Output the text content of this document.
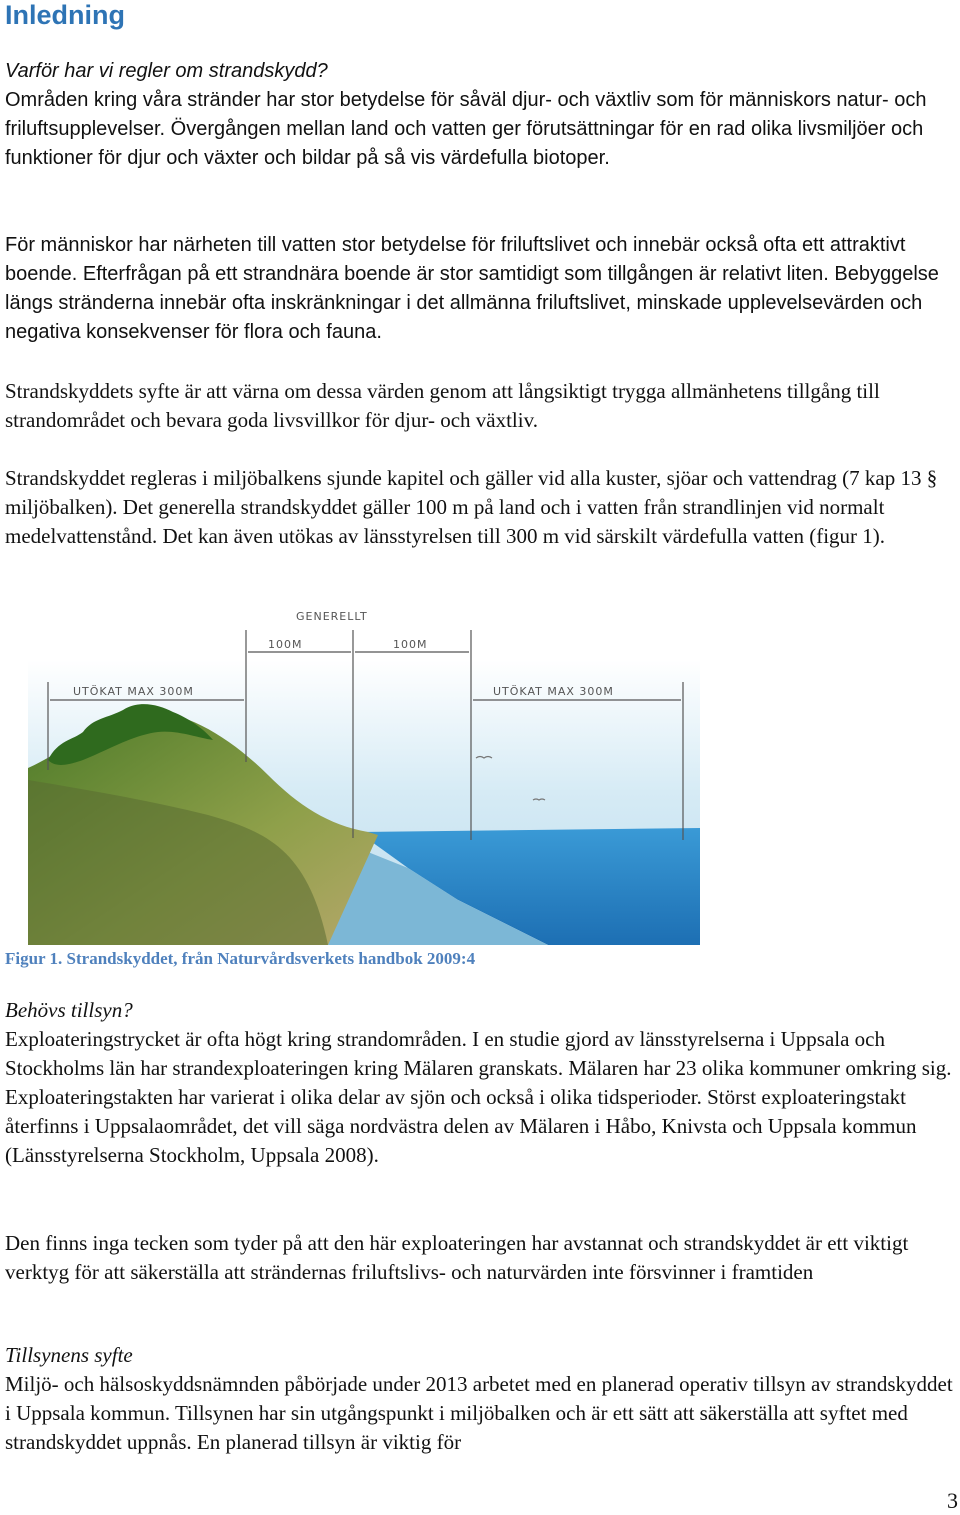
Inledning

Varför har vi regler om strandskydd?
Områden kring våra stränder har stor betydelse för såväl djur- och växtliv som för människors natur- och friluftsupplevelser. Övergången mellan land och vatten ger förutsättningar för en rad olika livsmiljöer och funktioner för djur och växter och bildar på så vis värdefulla biotoper.

För människor har närheten till vatten stor betydelse för friluftslivet och innebär också ofta ett attraktivt boende. Efterfrågan på ett strandnära boende är stor samtidigt som tillgången är relativt liten. Bebyggelse längs stränderna innebär ofta inskränkningar i det allmänna friluftslivet, minskade upplevelsevärden och negativa konsekvenser för flora och fauna.

Strandskyddets syfte är att värna om dessa värden genom att långsiktigt trygga allmänhetens tillgång till strandområdet och bevara goda livsvillkor för djur- och växtliv.

Strandskyddet regleras i miljöbalkens sjunde kapitel och gäller vid alla kuster, sjöar och vattendrag (7 kap 13 § miljöbalken). Det generella strandskyddet gäller 100 m på land och i vatten från strandlinjen vid normalt medelvattenstånd. Det kan även utökas av länsstyrelsen till 300 m vid särskilt värdefulla vatten (figur 1).

GENERELLT
100M	100M
UTÖKAT MAX 300M	UTÖKAT MAX 300M

Figur 1. Strandskyddet, från Naturvårdsverkets handbok 2009:4

Behövs tillsyn?
Exploateringstrycket är ofta högt kring strandområden. I en studie gjord av länsstyrelserna i Uppsala och Stockholms län har strandexploateringen kring Mälaren granskats. Mälaren har 23 olika kommuner omkring sig. Exploateringstakten har varierat i olika delar av sjön och också i olika tidsperioder. Störst exploateringstakt återfinns i Uppsalaområdet, det vill säga nordvästra delen av Mälaren i Håbo, Knivsta och Uppsala kommun (Länsstyrelserna Stockholm, Uppsala 2008).

Den finns inga tecken som tyder på att den här exploateringen har avstannat och strandskyddet är ett viktigt verktyg för att säkerställa att strändernas friluftslivs- och naturvärden inte försvinner i framtiden

Tillsynens syfte
Miljö- och hälsoskyddsnämnden påbörjade under 2013 arbetet med en planerad operativ tillsyn av strandskyddet i Uppsala kommun. Tillsynen har sin utgångspunkt i miljöbalken och är ett sätt att säkerställa att syftet med strandskyddet uppnås. En planerad tillsyn är viktig för

3
